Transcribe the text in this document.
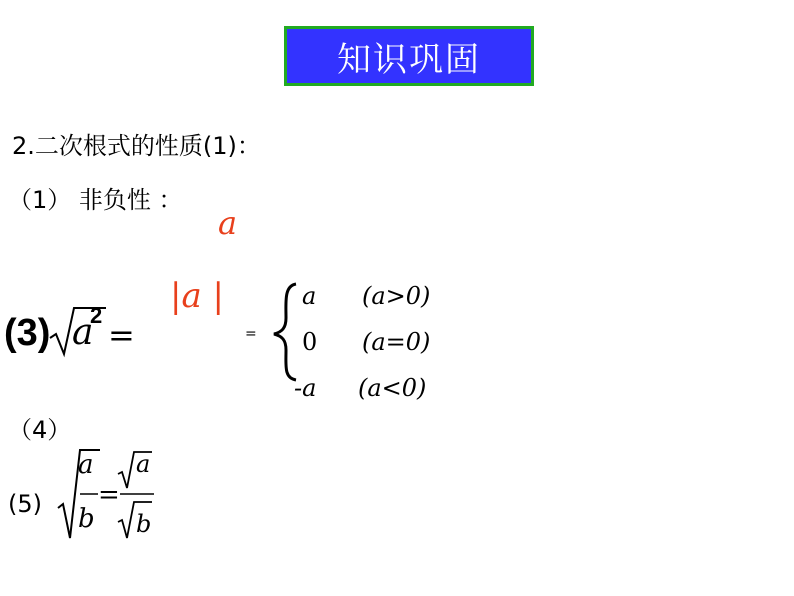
知识巩固
2.二次根式的性质(1)：
（1） 非负性 ：
a
(3) a
2
=
|a |
=
a (a>0)
0 (a=0)
-a (a<0)
（4）
(5)
a
b
=
a
b
